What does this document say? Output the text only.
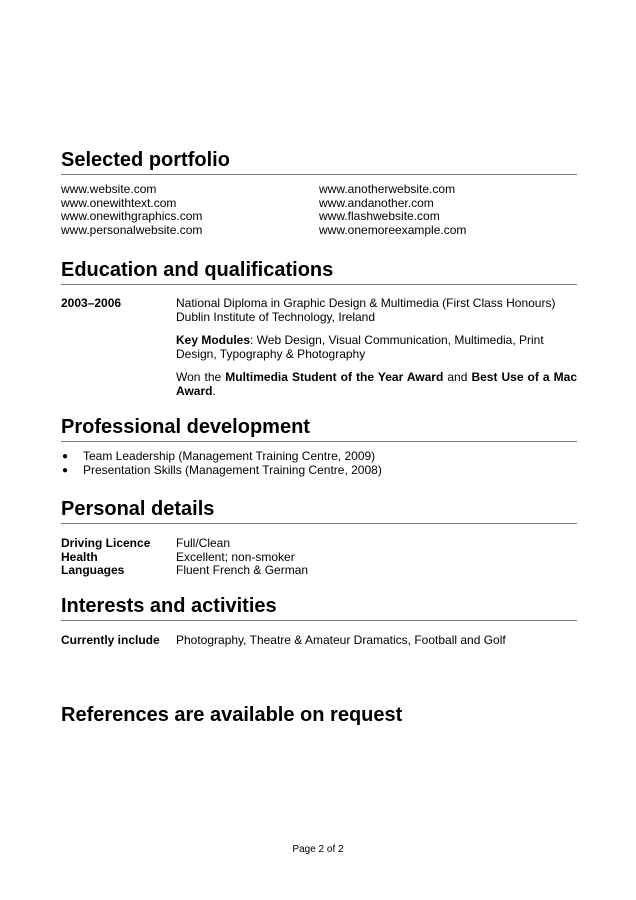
Selected portfolio
www.website.com
www.onewithtext.com
www.onewithgraphics.com
www.personalwebsite.com
www.anotherwebsite.com
www.andanother.com
www.flashwebsite.com
www.onemoreexample.com
Education and qualifications
2003–2006	National Diploma in Graphic Design & Multimedia (First Class Honours)
Dublin Institute of Technology, Ireland

Key Modules: Web Design, Visual Communication, Multimedia, Print Design, Typography & Photography

Won the Multimedia Student of the Year Award and Best Use of a Mac Award.

Professional development
●	Team Leadership (Management Training Centre, 2009)
●	Presentation Skills (Management Training Centre, 2008)
Personal details
Driving Licence	Full/Clean
Health	Excellent; non-smoker
Languages	Fluent French & German
Interests and activities
Currently include	Photography, Theatre & Amateur Dramatics, Football and Golf
References are available on request
Page 2 of 2
